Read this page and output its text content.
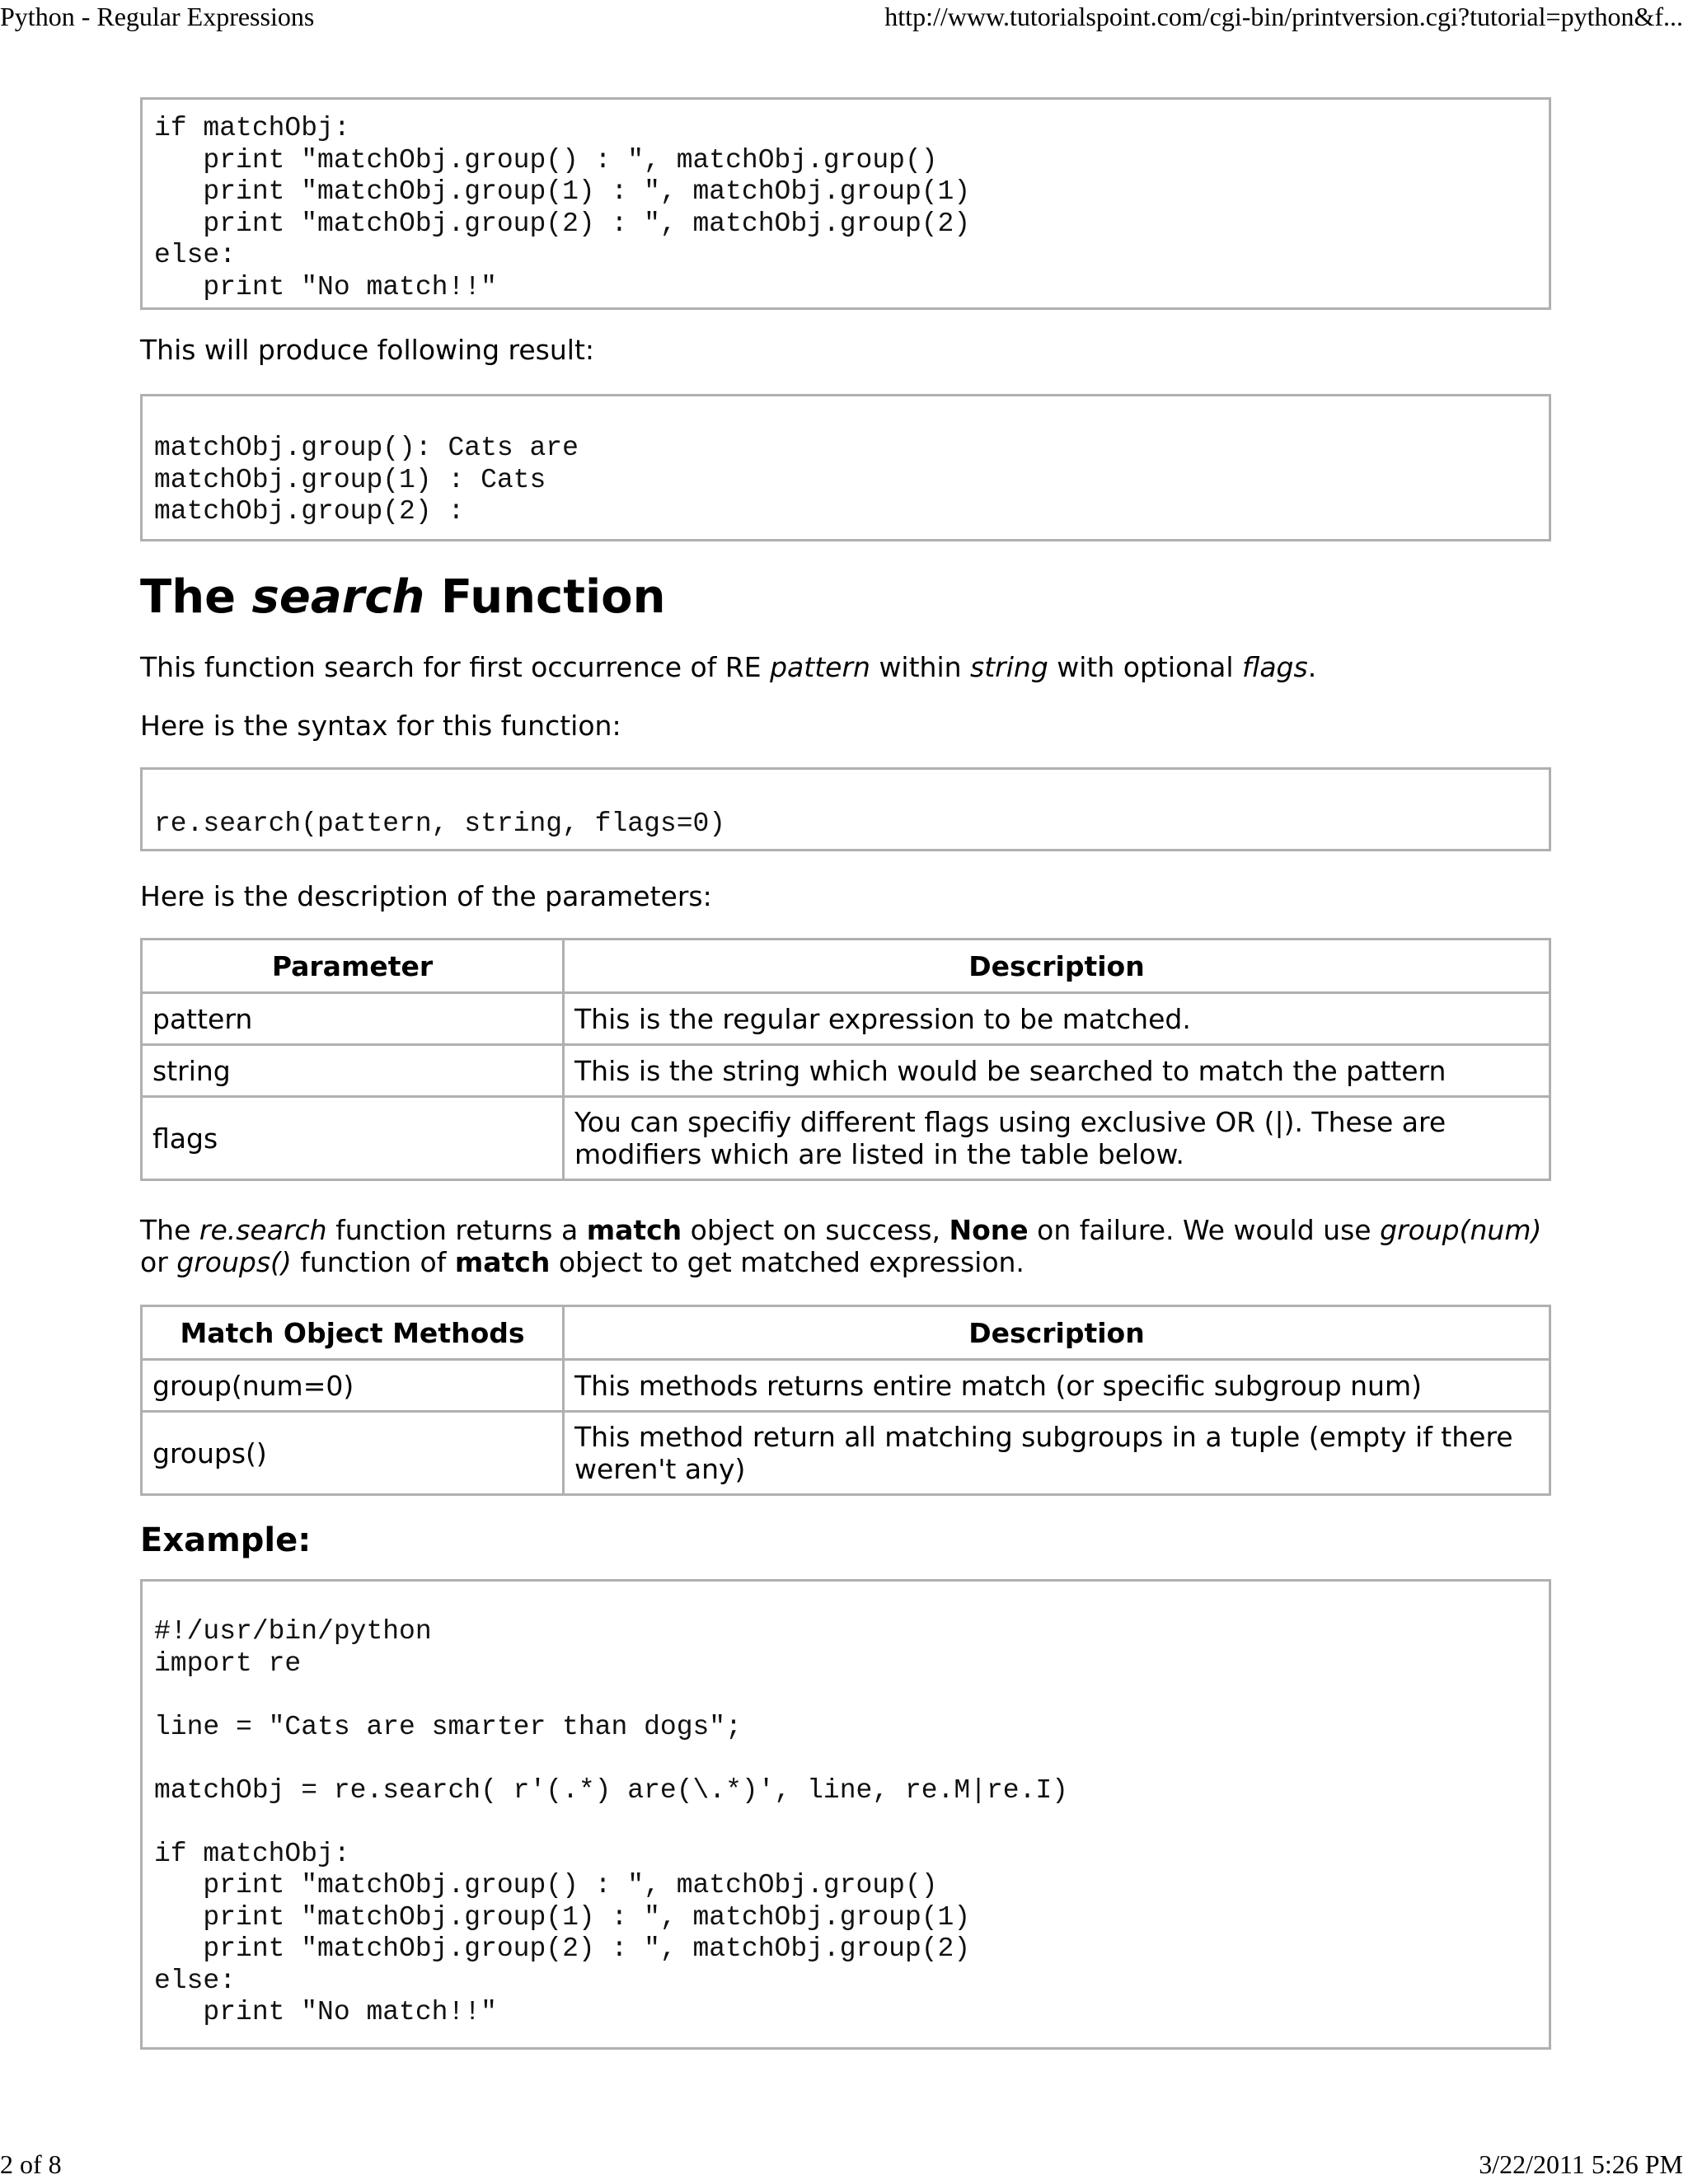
Python - Regular Expressions	http://www.tutorialspoint.com/cgi-bin/printversion.cgi?tutorial=python&f...
if matchObj:
print "matchObj.group() : ", matchObj.group()
print "matchObj.group(1) : ", matchObj.group(1)
print "matchObj.group(2) : ", matchObj.group(2)
else:
print "No match!!"

This will produce following result:

matchObj.group(): Cats are
matchObj.group(1) : Cats
matchObj.group(2) :
The search Function

This function search for first occurrence of RE pattern within string with optional flags.

Here is the syntax for this function:

re.search(pattern, string, flags=0)

Here is the description of the parameters:

Parameter	Description
pattern	This is the regular expression to be matched.
string	This is the string which would be searched to match the pattern
flags	You can specifiy different flags using exclusive OR (|). These are modifiers which are listed in the table below.

The re.search function returns a match object on success, None on failure. We would use group(num) or groups() function of match object to get matched expression.

Match Object Methods	Description
group(num=0)	This methods returns entire match (or specific subgroup num)
groups()	This method return all matching subgroups in a tuple (empty if there weren't any)
Example:
#!/usr/bin/python
import re

line = "Cats are smarter than dogs";

matchObj = re.search( r'(.*) are(\.*)', line, re.M|re.I)

if matchObj:
print "matchObj.group() : ", matchObj.group()
print "matchObj.group(1) : ", matchObj.group(1)
print "matchObj.group(2) : ", matchObj.group(2)
else:
print "No match!!"
2 of 8	3/22/2011 5:26 PM
